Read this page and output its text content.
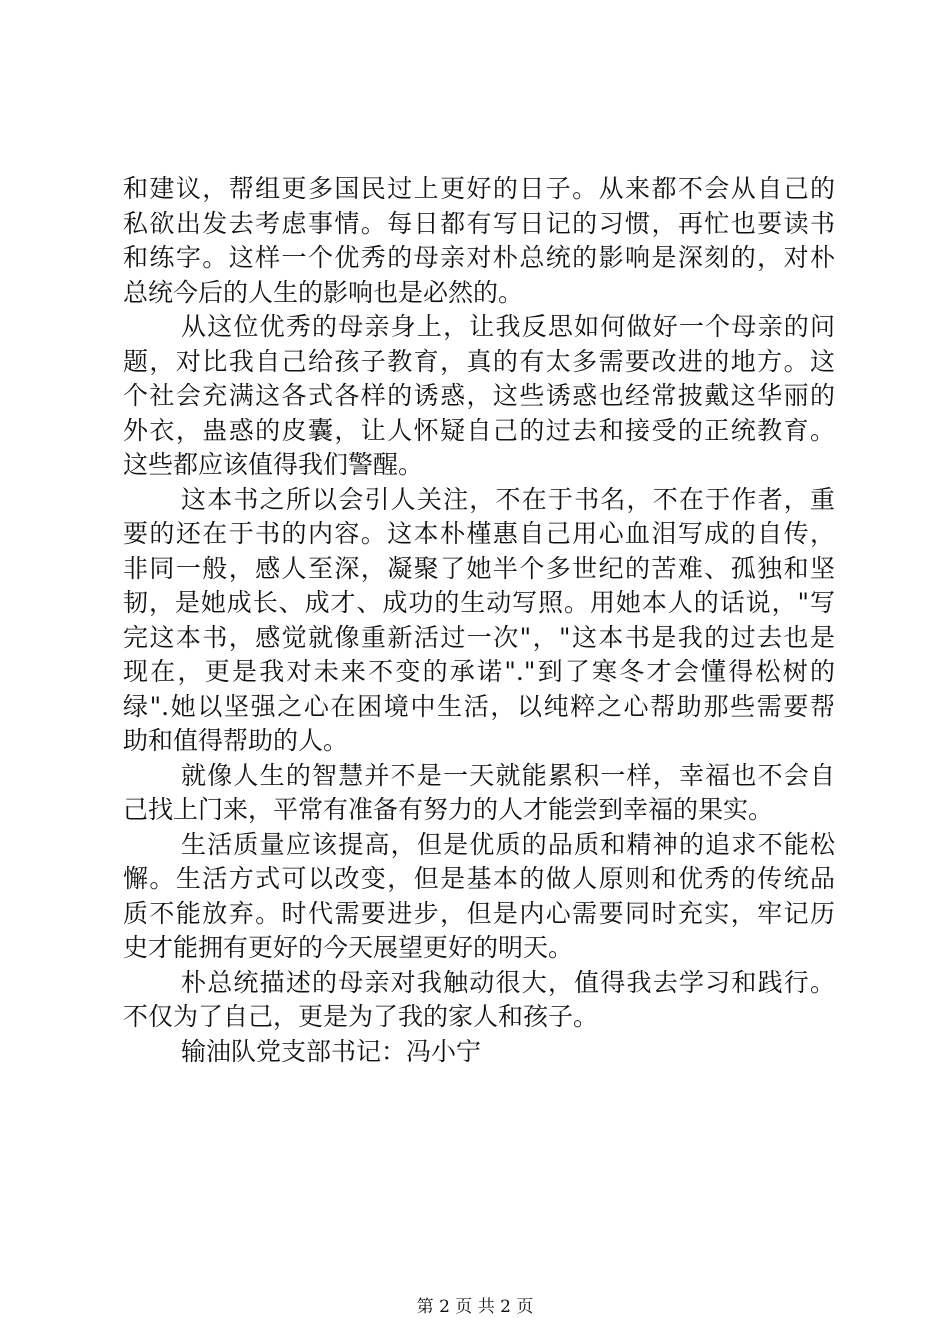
和建议，帮组更多国民过上更好的日子。从来都不会从自己的
私欲出发去考虑事情。每日都有写日记的习惯，再忙也要读书
和练字。这样一个优秀的母亲对朴总统的影响是深刻的，对朴
总统今后的人生的影响也是必然的。
从这位优秀的母亲身上，让我反思如何做好一个母亲的问
题，对比我自己给孩子教育，真的有太多需要改进的地方。这
个社会充满这各式各样的诱惑，这些诱惑也经常披戴这华丽的
外衣，蛊惑的皮囊，让人怀疑自己的过去和接受的正统教育。
这些都应该值得我们警醒。
这本书之所以会引人关注，不在于书名，不在于作者，重
要的还在于书的内容。这本朴槿惠自己用心血泪写成的自传，
非同一般，感人至深，凝聚了她半个多世纪的苦难、孤独和坚
韧，是她成长、成才、成功的生动写照。用她本人的话说，"写
完这本书，感觉就像重新活过一次"，"这本书是我的过去也是
现在，更是我对未来不变的承诺"."到了寒冬才会懂得松树的
绿".她以坚强之心在困境中生活，以纯粹之心帮助那些需要帮
助和值得帮助的人。
就像人生的智慧并不是一天就能累积一样，幸福也不会自
己找上门来，平常有准备有努力的人才能尝到幸福的果实。
生活质量应该提高，但是优质的品质和精神的追求不能松
懈。生活方式可以改变，但是基本的做人原则和优秀的传统品
质不能放弃。时代需要进步，但是内心需要同时充实，牢记历
史才能拥有更好的今天展望更好的明天。
朴总统描述的母亲对我触动很大，值得我去学习和践行。
不仅为了自己，更是为了我的家人和孩子。
输油队党支部书记：冯小宁
第 2 页 共 2 页
